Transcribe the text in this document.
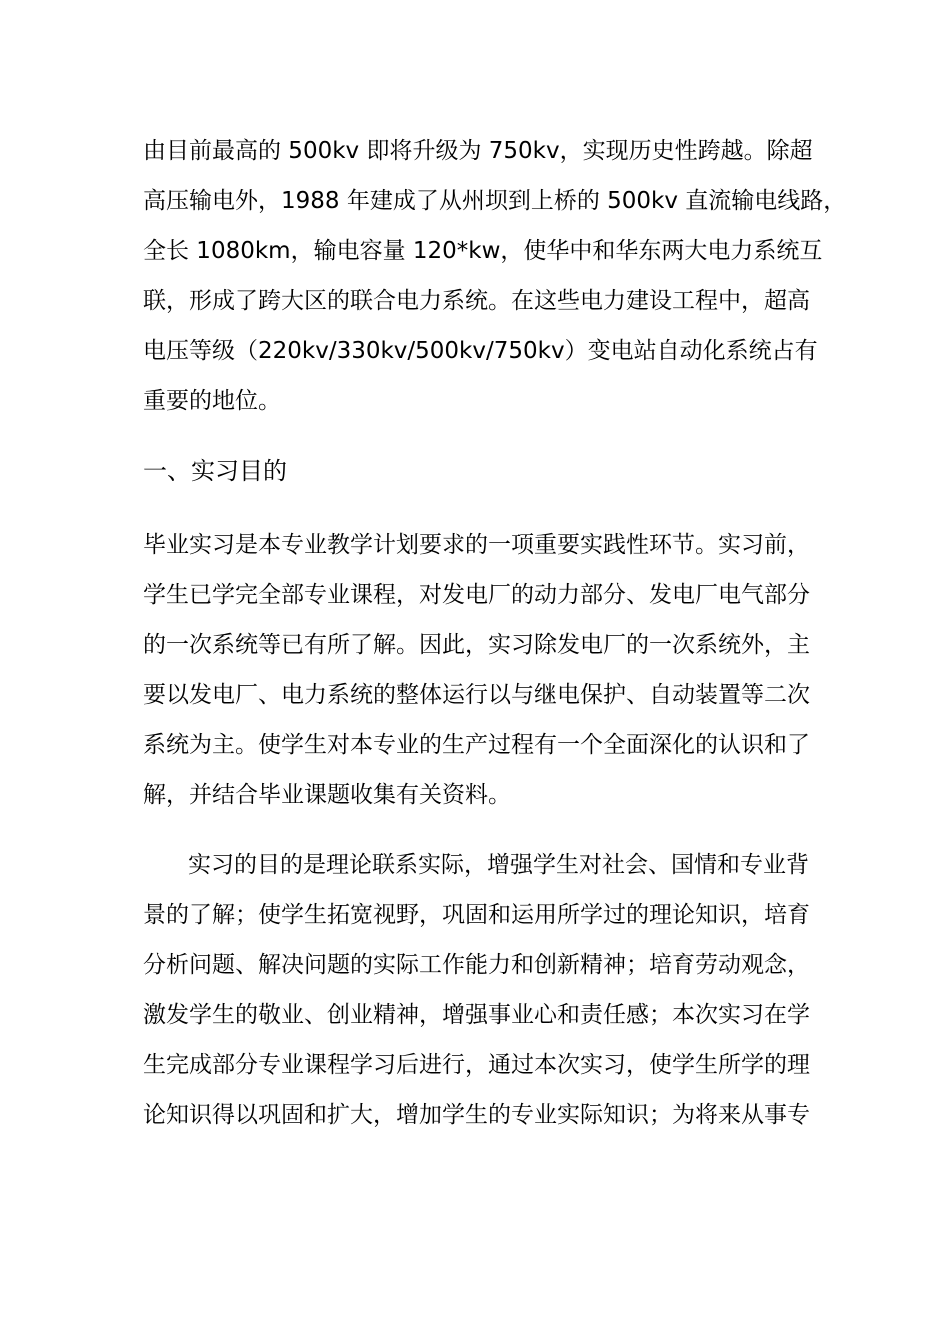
由目前最高的 500kv 即将升级为 750kv，实现历史性跨越。除超

高压输电外，1988 年建成了从州坝到上桥的 500kv 直流输电线路，

全长 1080km，输电容量 120*kw，使华中和华东两大电力系统互

联，形成了跨大区的联合电力系统。在这些电力建设工程中，超高

电压等级（220kv/330kv/500kv/750kv）变电站自动化系统占有

重要的地位。

一、实习目的

毕业实习是本专业教学计划要求的一项重要实践性环节。实习前，

学生已学完全部专业课程，对发电厂的动力部分、发电厂电气部分

的一次系统等已有所了解。因此，实习除发电厂的一次系统外，主

要以发电厂、电力系统的整体运行以与继电保护、自动装置等二次

系统为主。使学生对本专业的生产过程有一个全面深化的认识和了

解，并结合毕业课题收集有关资料。

实习的目的是理论联系实际，增强学生对社会、国情和专业背

景的了解；使学生拓宽视野，巩固和运用所学过的理论知识，培育

分析问题、解决问题的实际工作能力和创新精神；培育劳动观念，

激发学生的敬业、创业精神，增强事业心和责任感；本次实习在学

生完成部分专业课程学习后进行，通过本次实习，使学生所学的理

论知识得以巩固和扩大，增加学生的专业实际知识；为将来从事专
